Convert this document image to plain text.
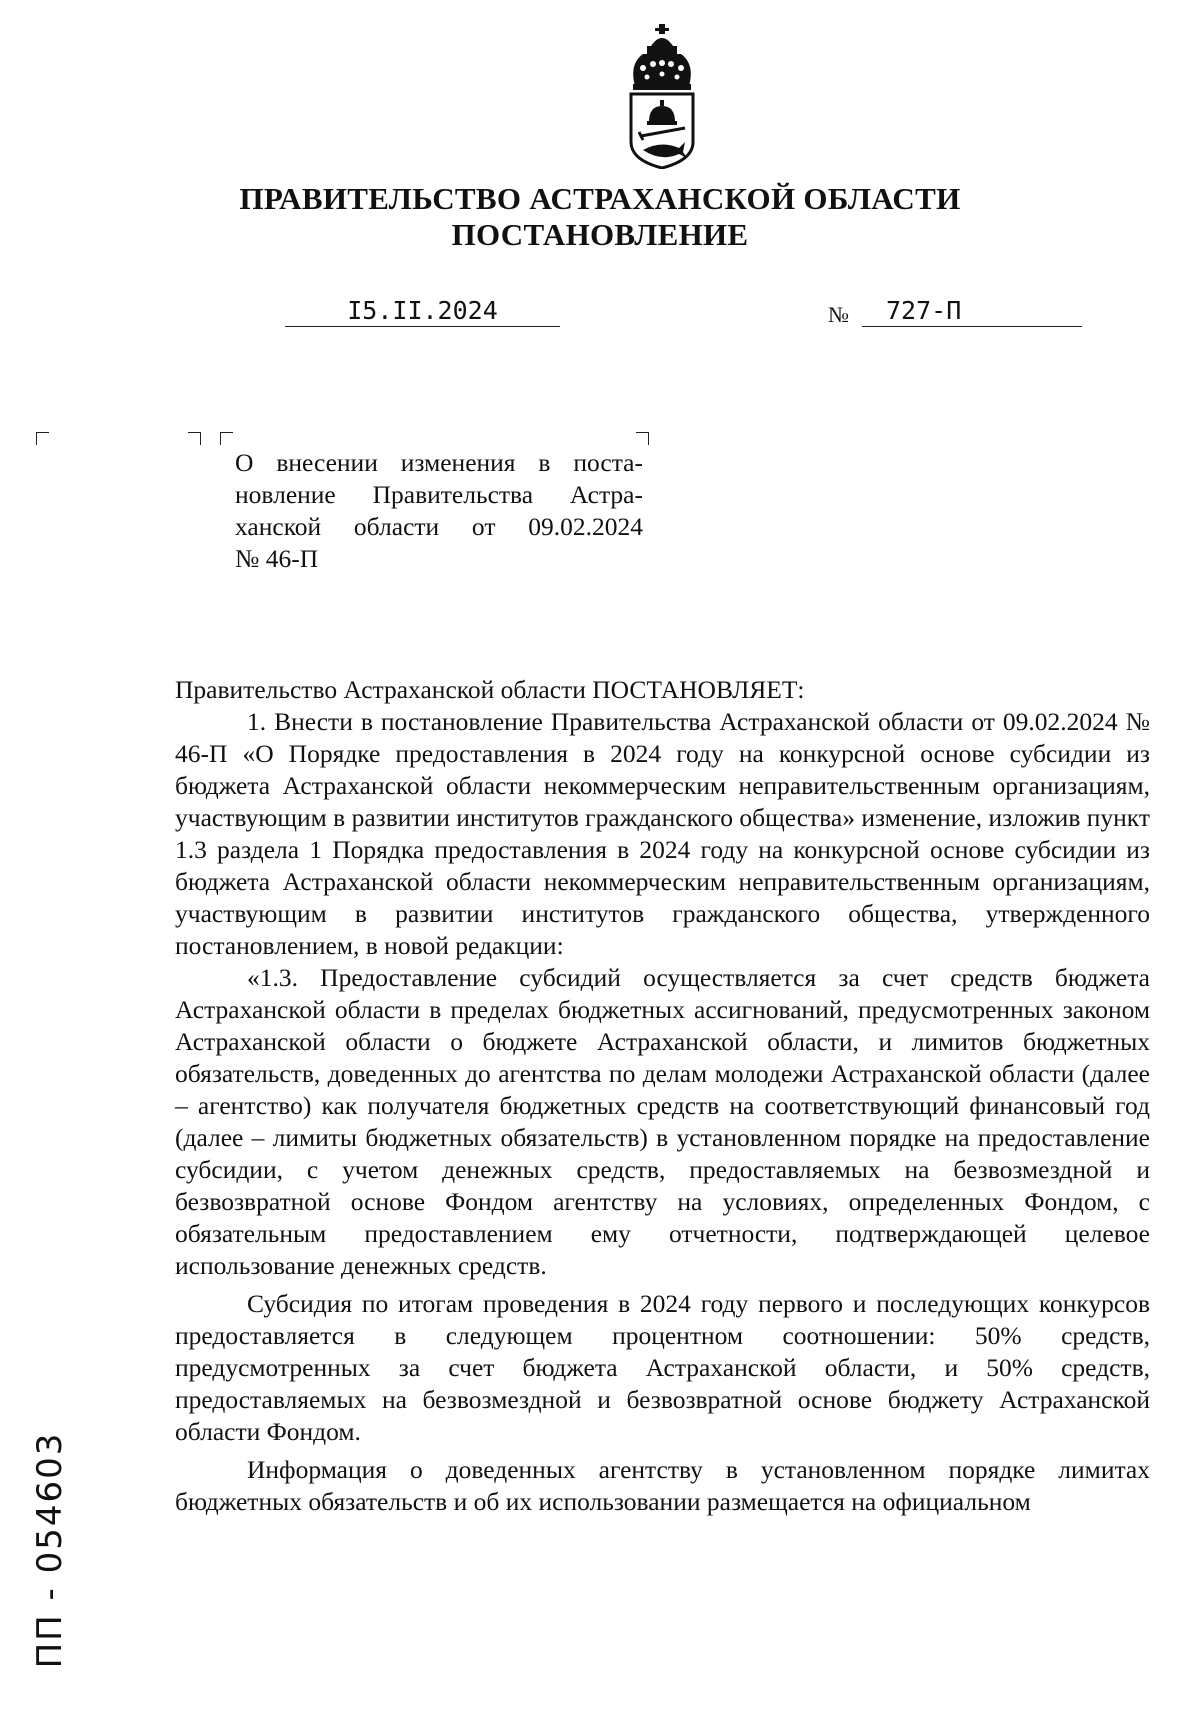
ПРАВИТЕЛЬСТВО АСТРАХАНСКОЙ ОБЛАСТИ
ПОСТАНОВЛЕНИЕ
I5.II.2024	№	727-П
О внесении изменения в поста-
новление Правительства Астра-
ханской области от 09.02.2024
№ 46-П

Правительство Астраханской области ПОСТАНОВЛЯЕТ:

1. Внести в постановление Правительства Астраханской области от 09.02.2024 № 46-П «О Порядке предоставления в 2024 году на конкурсной основе субсидии из бюджета Астраханской области некоммерческим неправительственным организациям, участвующим в развитии институтов гражданского общества» изменение, изложив пункт 1.3 раздела 1 Порядка предоставления в 2024 году на конкурсной основе субсидии из бюджета Астраханской области некоммерческим неправительственным организациям, участвующим в развитии институтов гражданского общества, утвержденного постановлением, в новой редакции:

«1.3. Предоставление субсидий осуществляется за счет средств бюджета Астраханской области в пределах бюджетных ассигнований, предусмотренных законом Астраханской области о бюджете Астраханской области, и лимитов бюджетных обязательств, доведенных до агентства по делам молодежи Астраханской области (далее – агентство) как получателя бюджетных средств на соответствующий финансовый год (далее – лимиты бюджетных обязательств) в установленном порядке на предоставление субсидии, с учетом денежных средств, предоставляемых на безвозмездной и безвозвратной основе Фондом агентству на условиях, определенных Фондом, с обязательным предоставлением ему отчетности, подтверждающей целевое использование денежных средств.

Субсидия по итогам проведения в 2024 году первого и последующих конкурсов предоставляется в следующем процентном соотношении: 50% средств, предусмотренных за счет бюджета Астраханской области, и 50% средств, предоставляемых на безвозмездной и безвозвратной основе бюджету Астраханской области Фондом.

Информация о доведенных агентству в установленном порядке лимитах бюджетных обязательств и об их использовании размещается на официальном

ПП - 054603
